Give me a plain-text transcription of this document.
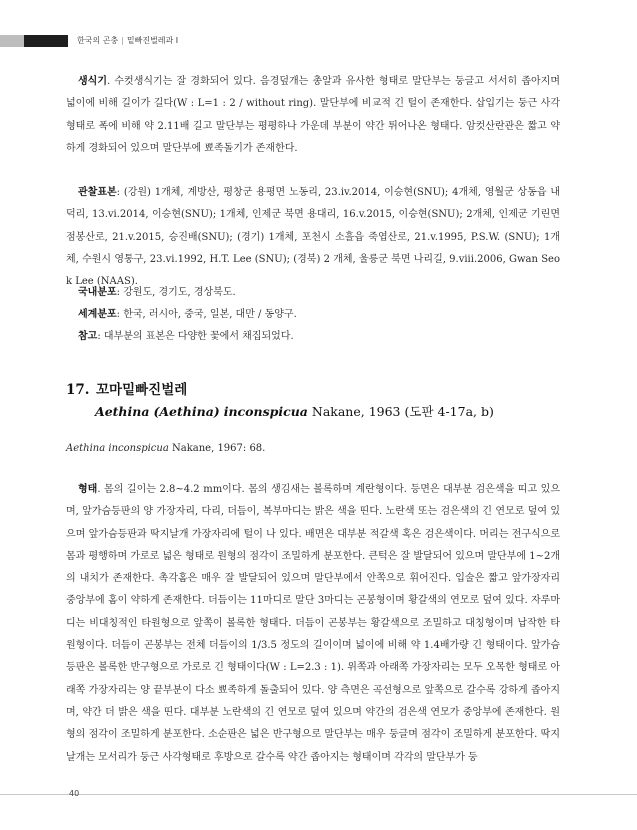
한국의 곤충 | 밑빠진벌레과 I
생식기. 수컷생식기는 잘 경화되어 있다. 음경덮개는 총알과 유사한 형태로 말단부는 둥글고 서서히 좁아지며 넓이에 비해 길이가 길다(W : L=1 : 2 / without ring). 말단부에 비교적 긴 털이 존재한다. 삽입기는 둥근 사각형태로 폭에 비해 약 2.11배 길고 말단부는 평평하나 가운데 부분이 약간 튀어나온 형태다. 암컷산란관은 짧고 약하게 경화되어 있으며 말단부에 뾰족돌기가 존재한다.
관찰표본: (강원) 1개체, 계방산, 평창군 용평면 노동리, 23.iv.2014, 이승현(SNU); 4개체, 영월군 상동읍 내덕리, 13.vi.2014, 이승현(SNU); 1개체, 인제군 북면 용대리, 16.v.2015, 이승현(SNU); 2개체, 인제군 기린면 점봉산로, 21.v.2015, 승진배(SNU); (경기) 1개체, 포천시 소흘읍 죽엽산로, 21.v.1995, P.S.W. (SNU); 1개체, 수원시 영통구, 23.vi.1992, H.T. Lee (SNU); (경북) 2 개체, 울릉군 북면 나리길, 9.viii.2006, Gwan Seok Lee (NAAS).
국내분포: 강원도, 경기도, 경상북도.
세계분포: 한국, 러시아, 중국, 일본, 대만 / 동양구.
참고: 대부분의 표본은 다양한 꽃에서 채집되었다.
17. 꼬마밑빠진벌레
Aethina (Aethina) inconspicua Nakane, 1963 (도판 4-17a, b)
Aethina inconspicua Nakane, 1967: 68.
형태. 몸의 길이는 2.8~4.2 mm이다. 몸의 생김새는 볼록하며 계란형이다. 등면은 대부분 검은색을 띠고 있으며, 앞가슴등판의 양 가장자리, 다리, 더듬이, 복부마디는 밝은 색을 띤다. 노란색 또는 검은색의 긴 연모로 덮여 있으며 앞가슴등판과 딱지날개 가장자리에 털이 나 있다. 배면은 대부분 적갈색 혹은 검은색이다. 머리는 전구식으로 몸과 평행하며 가로로 넓은 형태로 원형의 점각이 조밀하게 분포한다. 큰턱은 잘 발달되어 있으며 말단부에 1~2개의 내치가 존재한다. 촉각홈은 매우 잘 발달되어 있으며 말단부에서 안쪽으로 휘어진다. 입술은 짧고 앞가장자리 중앙부에 홈이 약하게 존재한다. 더듬이는 11마디로 말단 3마디는 곤봉형이며 황갈색의 연모로 덮여 있다. 자루마디는 비대칭적인 타원형으로 앞쪽이 볼록한 형태다. 더듬이 곤봉부는 황갈색으로 조밀하고 대칭형이며 납작한 타원형이다. 더듬이 곤봉부는 전체 더듬이의 1/3.5 정도의 길이이며 넓이에 비해 약 1.4배가량 긴 형태이다. 앞가슴등판은 볼록한 반구형으로 가로로 긴 형태이다(W : L=2.3 : 1). 위쪽과 아래쪽 가장자리는 모두 오목한 형태로 아래쪽 가장자리는 양 끝부분이 다소 뾰족하게 돌출되어 있다. 양 측면은 곡선형으로 앞쪽으로 갈수록 강하게 좁아지며, 약간 더 밝은 색을 띤다. 대부분 노란색의 긴 연모로 덮여 있으며 약간의 검은색 연모가 중앙부에 존재한다. 원형의 점각이 조밀하게 분포한다. 소순판은 넓은 반구형으로 말단부는 매우 둥글며 점각이 조밀하게 분포한다. 딱지날개는 모서리가 둥근 사각형태로 후방으로 갈수록 약간 좁아지는 형태이며 각각의 말단부가 둥
40
